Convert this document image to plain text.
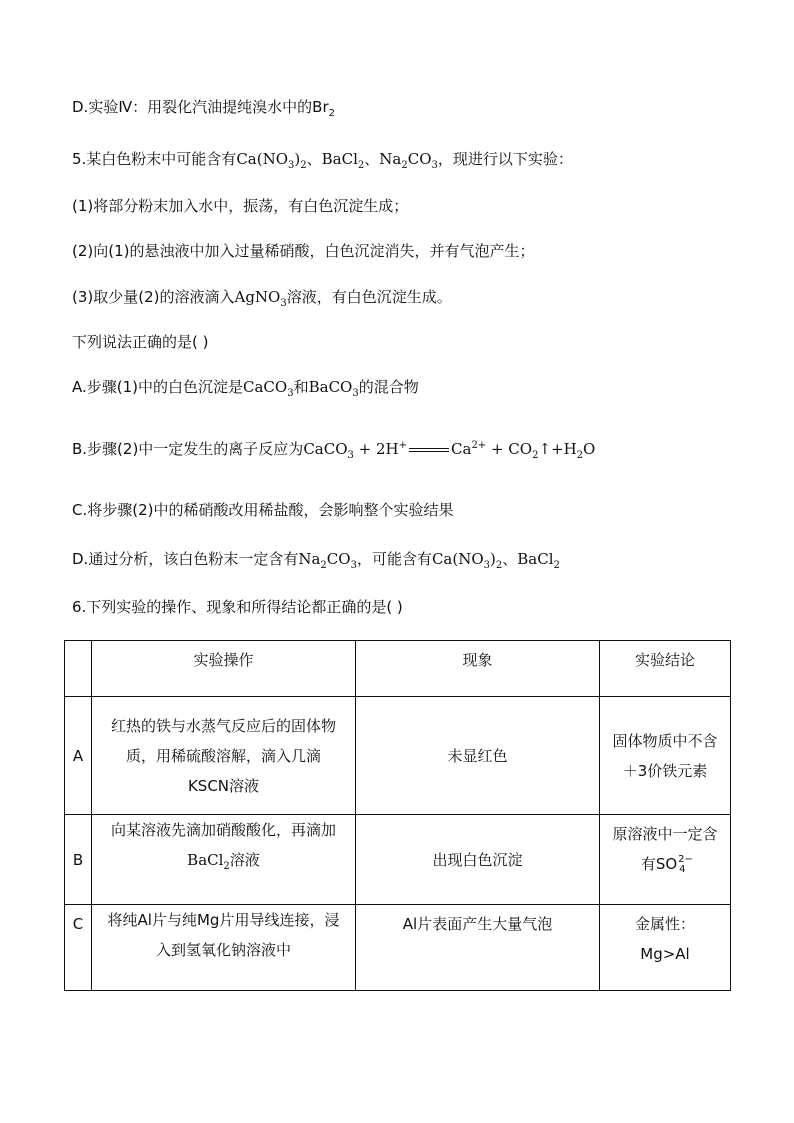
D.实验Ⅳ：用裂化汽油提纯溴水中的$Br_2$
5.某白色粉末中可能含有$Ca(NO_3)_2$、BaCl$_2$、$Na_2CO_3$，现进行以下实验：
(1)将部分粉末加入水中，振荡，有白色沉淀生成；
(2)向(1)的悬浊液中加入过量稀硝酸，白色沉淀消失，并有气泡产生；
(3)取少量(2)的溶液滴入AgNO$_3$溶液，有白色沉淀生成。
下列说法正确的是( )
A.步骤(1)中的白色沉淀是CaCO$_3$和BaCO$_3$的混合物
B.步骤(2)中一定发生的离子反应为CaCO$_3$ + 2H+	$Ca^{2+}$ + $CO_2↑+H_2O$
C.将步骤(2)中的稀硝酸改用稀盐酸，会影响整个实验结果
D.通过分析，该白色粉末一定含有$Na_2CO_3$，可能含有$Ca(NO_3)_2$、BaCl$_2$
6.下列实验的操作、现象和所得结论都正确的是( )
	实验操作	现象	实验结论
A	红热的铁与水蒸气反应后的固体物质，用稀硫酸溶解，滴入几滴KSCN溶液	未显红色	固体物质中不含＋3价铁元素
B	向某溶液先滴加硝酸酸化，再滴加BaCl$_2$溶液	出现白色沉淀	原溶液中一定含有SO 2−
4

C	将纯Al片与纯Mg片用导线连接，浸入到氢氧化钠溶液中	Al片表面产生大量气泡	金属性：
Mg>Al
